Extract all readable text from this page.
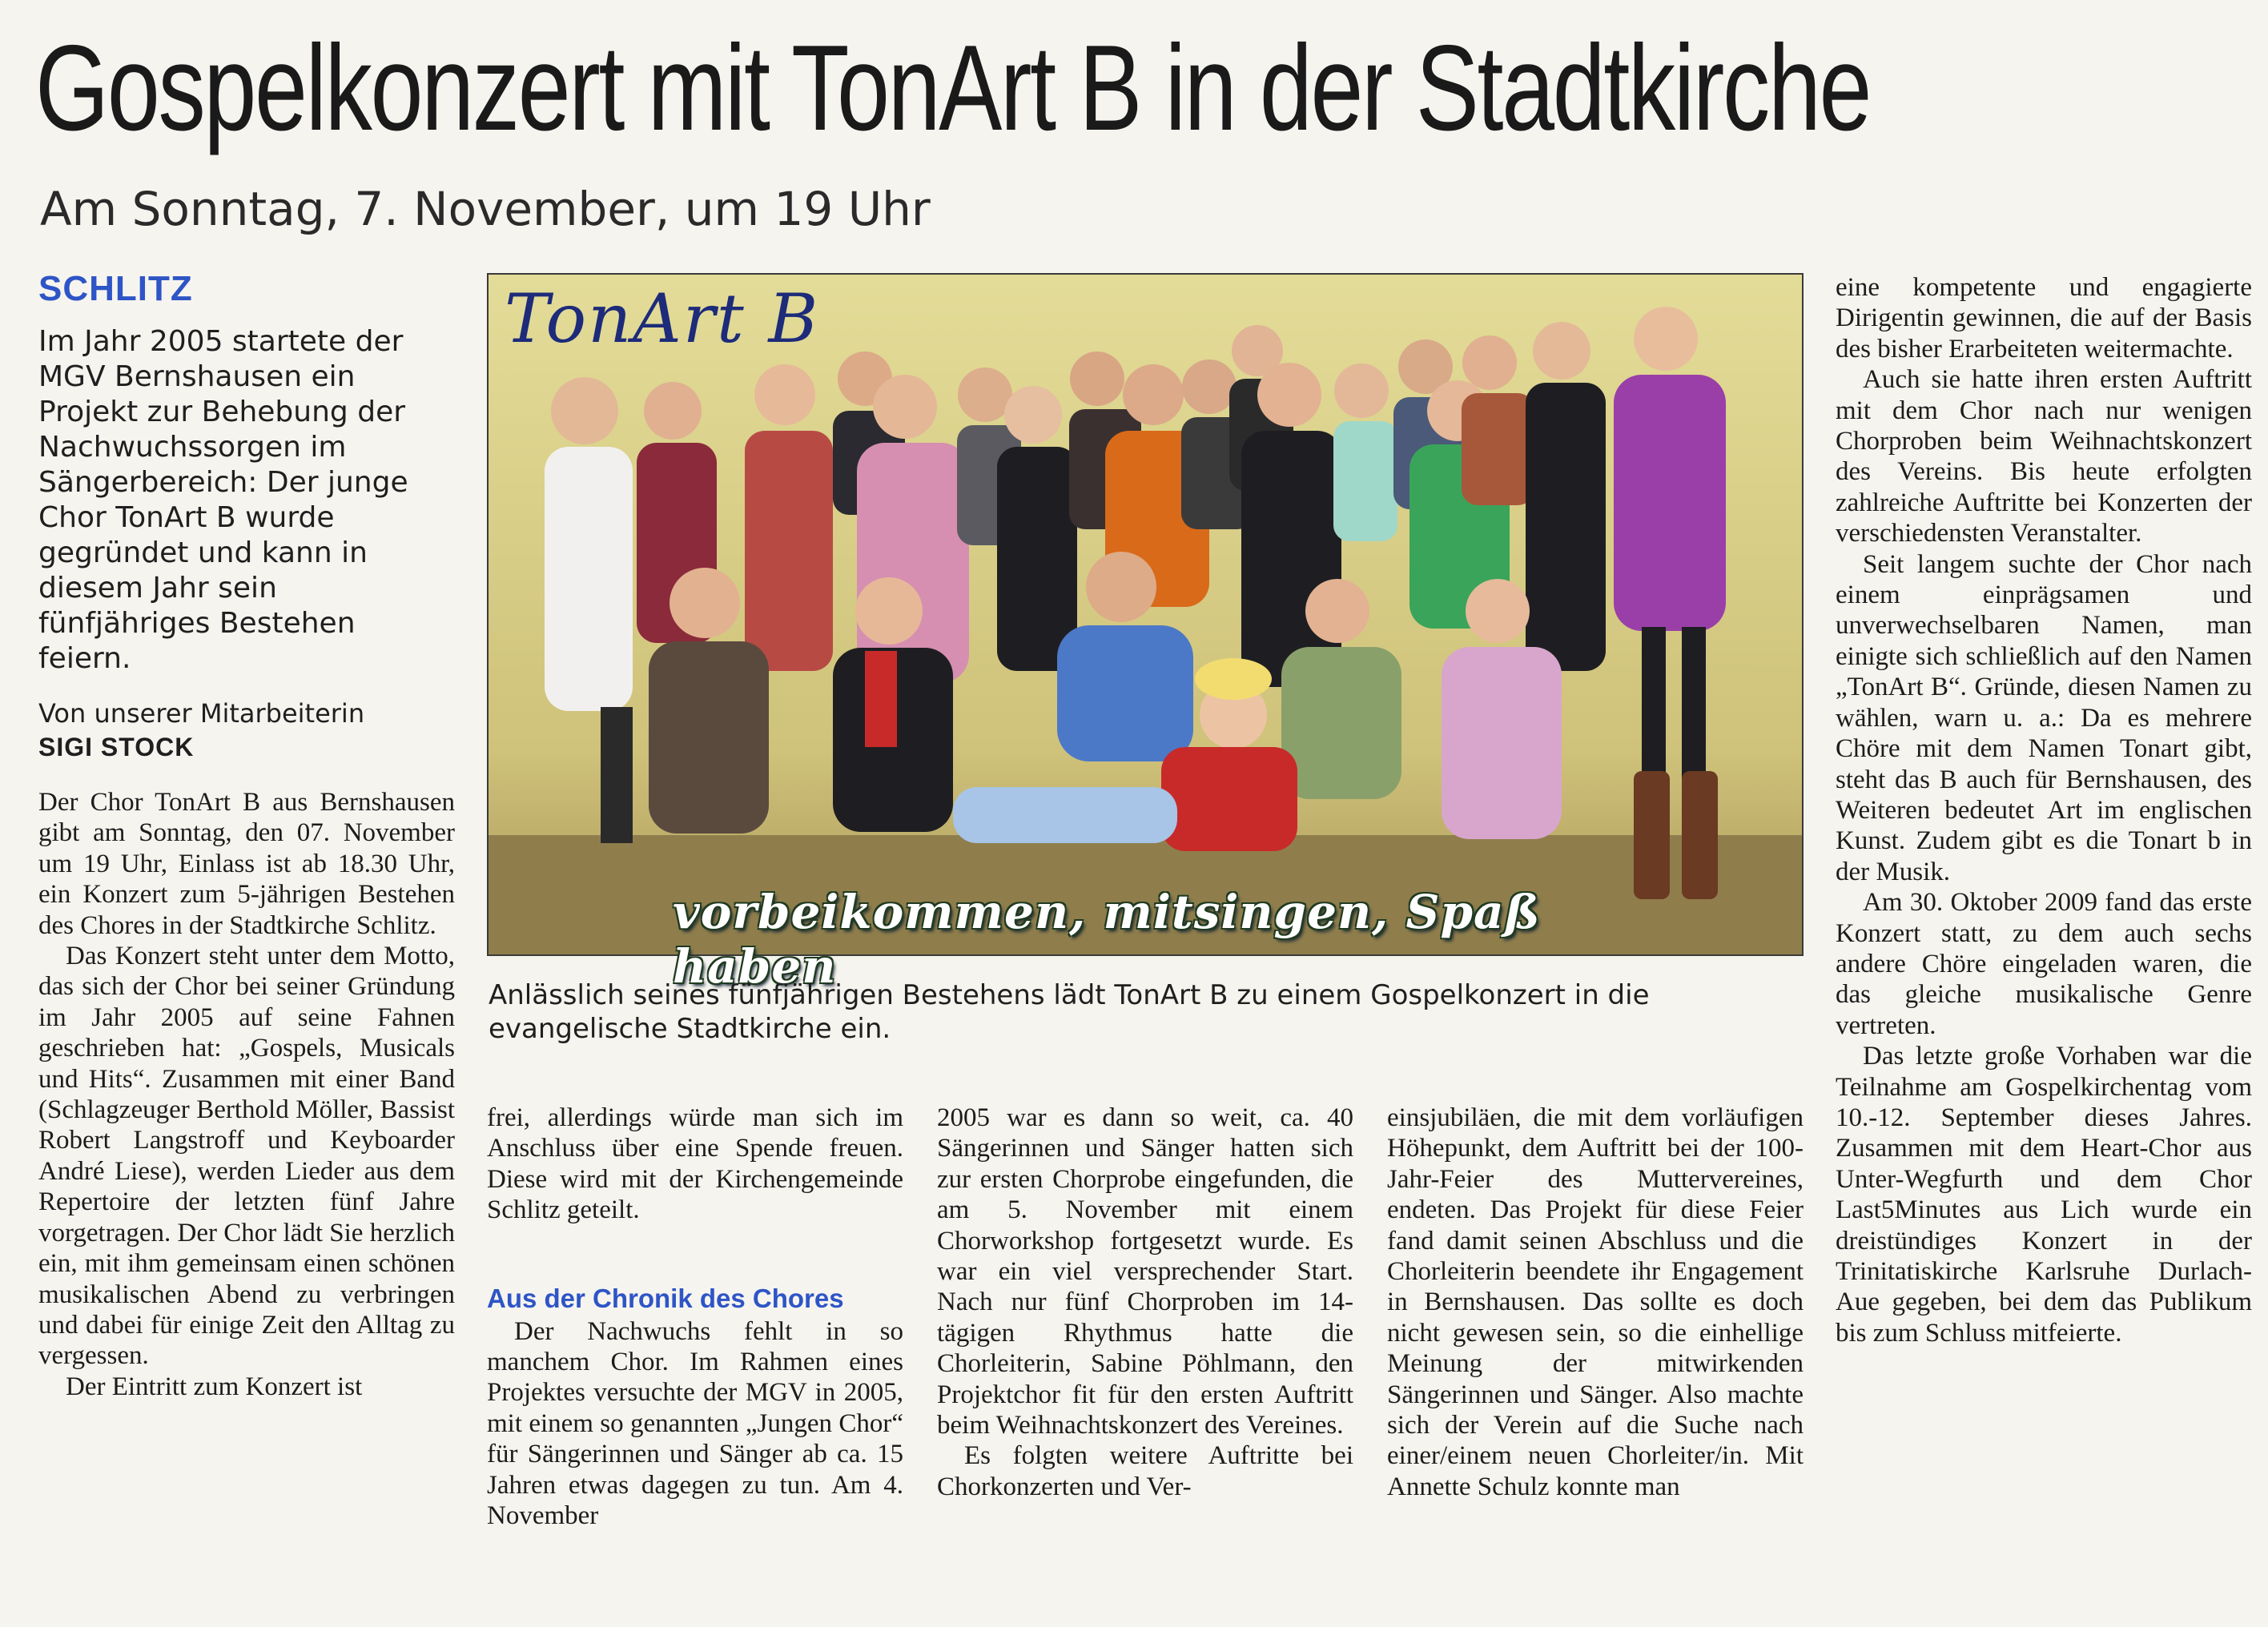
Gospelkonzert mit TonArt B in der Stadtkirche
Am Sonntag, 7. November, um 19 Uhr
SCHLITZ
Im Jahr 2005 startete der MGV Bernshausen ein Projekt zur Behebung der Nachwuchssorgen im Sängerbereich: Der junge Chor TonArt B wurde gegründet und kann in diesem Jahr sein fünfjähriges Bestehen feiern.
Von unserer Mitarbeiterin
SIGI STOCK

Der Chor TonArt B aus Bernshausen gibt am Sonntag, den 07. November um 19 Uhr, Einlass ist ab 18.30 Uhr, ein Konzert zum 5-jährigen Bestehen des Chores in der Stadtkirche Schlitz.

Das Konzert steht unter dem Motto, das sich der Chor bei seiner Gründung im Jahr 2005 auf seine Fahnen geschrieben hat: „Gospels, Musicals und Hits“. Zusammen mit einer Band (Schlagzeuger Berthold Möller, Bassist Robert Langstroff und Keyboarder André Liese), werden Lieder aus dem Repertoire der letzten fünf Jahre vorgetragen. Der Chor lädt Sie herzlich ein, mit ihm gemeinsam einen schönen musikalischen Abend zu verbringen und dabei für einige Zeit den Alltag zu vergessen.

Der Eintritt zum Konzert ist

TonArt B
vorbeikommen, mitsingen, Spaß haben
Anlässlich seines fünfjährigen Bestehens lädt TonArt B zu einem Gospelkonzert in die evangelische Stadtkirche ein.

frei, allerdings würde man sich im Anschluss über eine Spende freuen. Diese wird mit der Kirchengemeinde Schlitz geteilt.

Aus der Chronik des Chores

Der Nachwuchs fehlt in so manchem Chor. Im Rahmen eines Projektes versuchte der MGV in 2005, mit einem so genannten „Jungen Chor“ für Sängerinnen und Sänger ab ca. 15 Jahren etwas dagegen zu tun. Am 4. November

2005 war es dann so weit, ca. 40 Sängerinnen und Sänger hatten sich zur ersten Chorprobe eingefunden, die am 5. November mit einem Chorworkshop fortgesetzt wurde. Es war ein viel versprechender Start. Nach nur fünf Chorproben im 14-tägigen Rhythmus hatte die Chorleiterin, Sabine Pöhlmann, den Projektchor fit für den ersten Auftritt beim Weihnachtskonzert des Vereines.

Es folgten weitere Auftritte bei Chorkonzerten und Ver-

einsjubiläen, die mit dem vorläufigen Höhepunkt, dem Auftritt bei der 100-Jahr-Feier des Muttervereines, endeten. Das Projekt für diese Feier fand damit seinen Abschluss und die Chorleiterin beendete ihr Engagement in Bernshausen. Das sollte es doch nicht gewesen sein, so die einhellige Meinung der mitwirkenden Sängerinnen und Sänger. Also machte sich der Verein auf die Suche nach einer/einem neuen Chorleiter/in. Mit Annette Schulz konnte man

eine kompetente und engagierte Dirigentin gewinnen, die auf der Basis des bisher Erarbeiteten weitermachte.

Auch sie hatte ihren ersten Auftritt mit dem Chor nach nur wenigen Chorproben beim Weihnachtskonzert des Vereins. Bis heute erfolgten zahlreiche Auftritte bei Konzerten der verschiedensten Veranstalter.

Seit langem suchte der Chor nach einem einprägsamen und unverwechselbaren Namen, man einigte sich schließlich auf den Namen „TonArt B“. Gründe, diesen Namen zu wählen, warn u. a.: Da es mehrere Chöre mit dem Namen Tonart gibt, steht das B auch für Bernshausen, des Weiteren bedeutet Art im englischen Kunst. Zudem gibt es die Tonart b in der Musik.

Am 30. Oktober 2009 fand das erste Konzert statt, zu dem auch sechs andere Chöre eingeladen waren, die das gleiche musikalische Genre vertreten.

Das letzte große Vorhaben war die Teilnahme am Gospelkirchentag vom 10.-12. September dieses Jahres. Zusammen mit dem Heart-Chor aus Unter-Wegfurth und dem Chor Last5Minutes aus Lich wurde ein dreistündiges Konzert in der Trinitatiskirche Karlsruhe Durlach-Aue gegeben, bei dem das Publikum bis zum Schluss mitfeierte.
